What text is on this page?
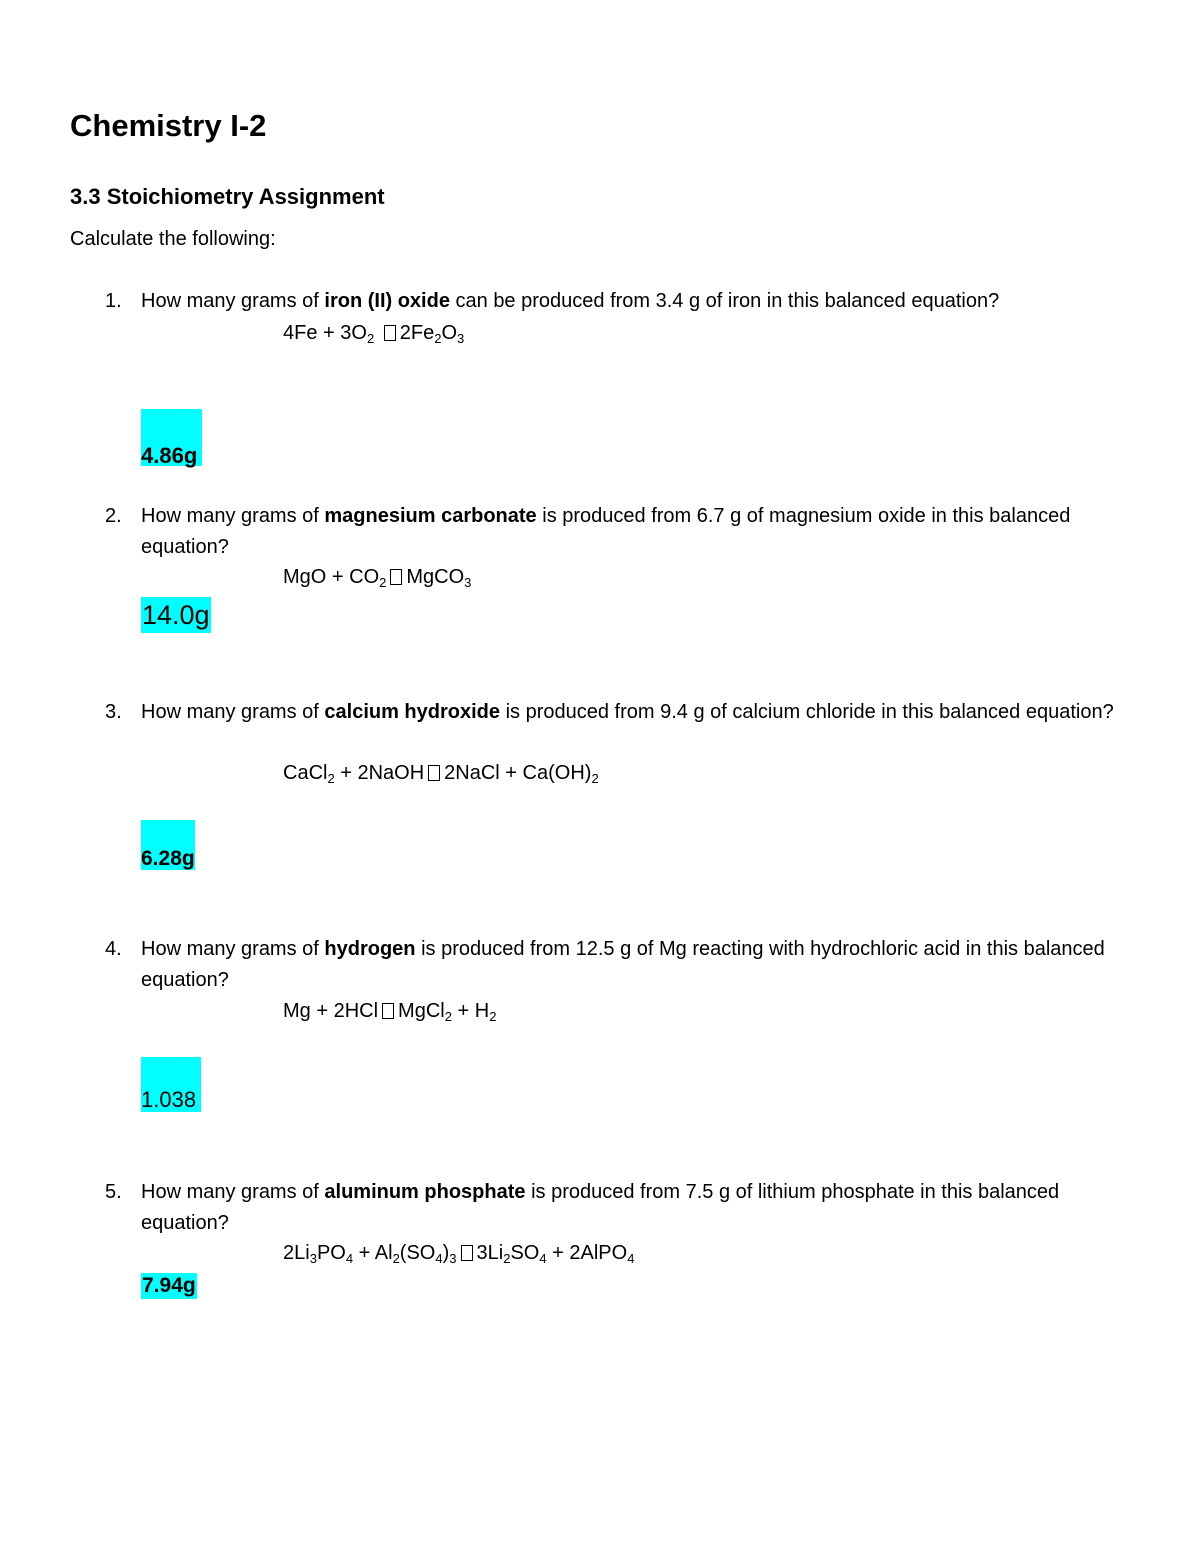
Chemistry I-2
3.3 Stoichiometry Assignment
Calculate the following:
1. How many grams of iron (II) oxide can be produced from 3.4 g of iron in this balanced equation?
$4Fe + 3O_2$ $2Fe_2O_3$
4.86g
2. How many grams of magnesium carbonate is produced from 6.7 g of magnesium oxide in this balanced equation?
MgO + $CO_2$ MgCO$_3$
14.0g
3. How many grams of calcium hydroxide is produced from 9.4 g of calcium chloride in this balanced equation?
CaCl$_2$ + 2NaOH 2NaCl + $Ca(OH)_2$
6.28g
4. How many grams of hydrogen is produced from 12.5 g of Mg reacting with hydrochloric acid in this balanced equation?
Mg + 2HCl MgCl$_2$ + $H_2$
1.038
5. How many grams of aluminum phosphate is produced from 7.5 g of lithium phosphate in this balanced equation?
$2Li_3PO_4 + Al_2(SO_4)_3$ $3Li_2SO_4$ + 2AlPO$_4$
7.94g
